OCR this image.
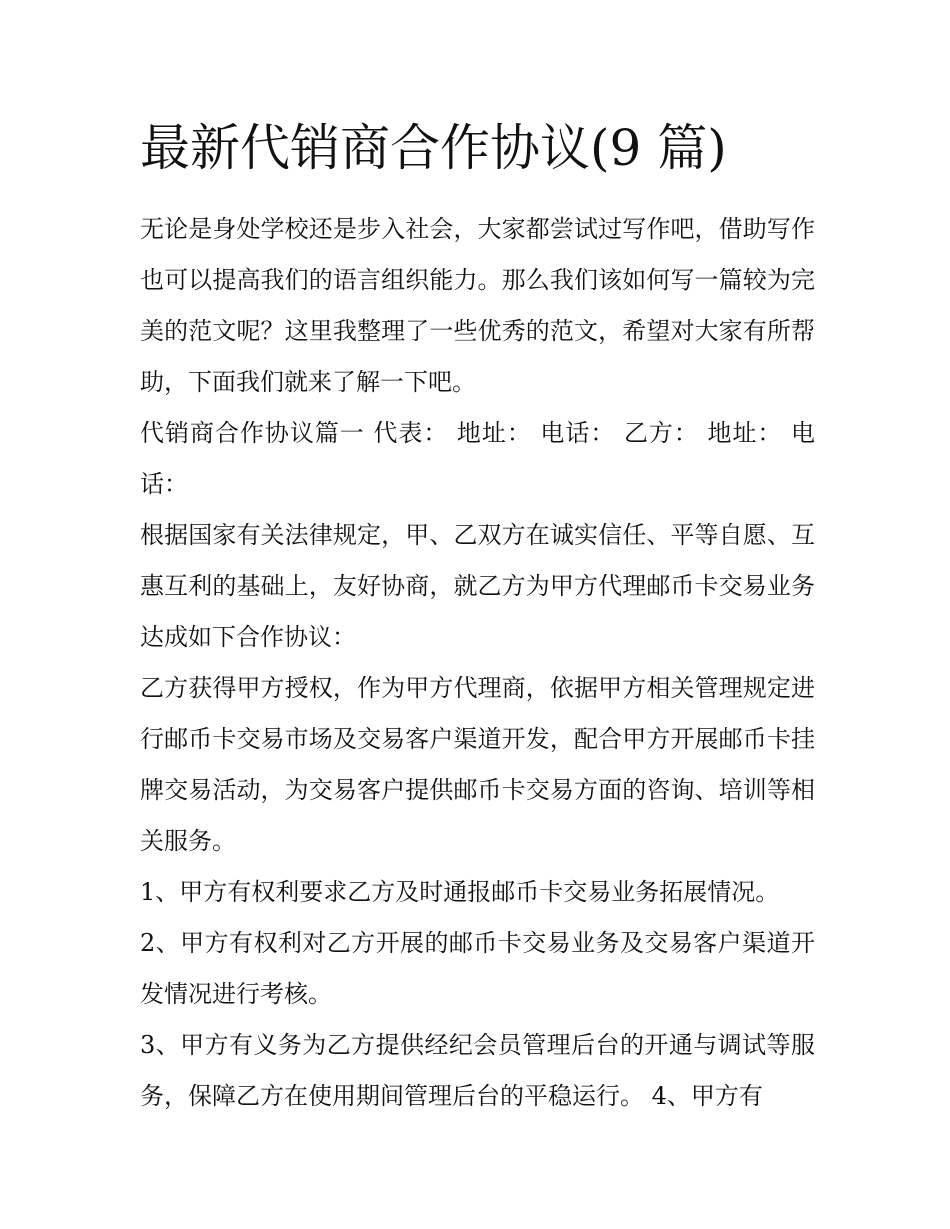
最新代销商合作协议(9 篇)

无论是身处学校还是步入社会，大家都尝试过写作吧，借助写作也可以提高我们的语言组织能力。那么我们该如何写一篇较为完美的范文呢？这里我整理了一些优秀的范文，希望对大家有所帮助，下面我们就来了解一下吧。

代销商合作协议篇一 代表： 地址： 电话： 乙方： 地址： 电话：

根据国家有关法律规定，甲、乙双方在诚实信任、平等自愿、互惠互利的基础上，友好协商，就乙方为甲方代理邮币卡交易业务达成如下合作协议：

乙方获得甲方授权，作为甲方代理商，依据甲方相关管理规定进行邮币卡交易市场及交易客户渠道开发，配合甲方开展邮币卡挂牌交易活动，为交易客户提供邮币卡交易方面的咨询、培训等相关服务。

1、甲方有权利要求乙方及时通报邮币卡交易业务拓展情况。

2、甲方有权利对乙方开展的邮币卡交易业务及交易客户渠道开发情况进行考核。

3、甲方有义务为乙方提供经纪会员管理后台的开通与调试等服务，保障乙方在使用期间管理后台的平稳运行。 4、甲方有
